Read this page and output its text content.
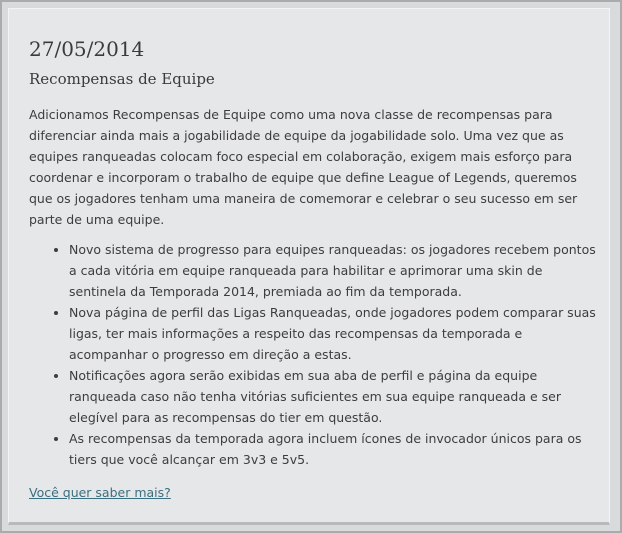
27/05/2014
Recompensas de Equipe

Adicionamos Recompensas de Equipe como uma nova classe de recompensas para diferenciar ainda mais a jogabilidade de equipe da jogabilidade solo. Uma vez que as equipes ranqueadas colocam foco especial em colaboração, exigem mais esforço para coordenar e incorporam o trabalho de equipe que define League of Legends, queremos que os jogadores tenham uma maneira de comemorar e celebrar o seu sucesso em ser parte de uma equipe.

• Novo sistema de progresso para equipes ranqueadas: os jogadores recebem pontos a cada vitória em equipe ranqueada para habilitar e aprimorar uma skin de sentinela da Temporada 2014, premiada ao fim da temporada.
• Nova página de perfil das Ligas Ranqueadas, onde jogadores podem comparar suas ligas, ter mais informações a respeito das recompensas da temporada e acompanhar o progresso em direção a estas.
• Notificações agora serão exibidas em sua aba de perfil e página da equipe ranqueada caso não tenha vitórias suficientes em sua equipe ranqueada e ser elegível para as recompensas do tier em questão.
• As recompensas da temporada agora incluem ícones de invocador únicos para os tiers que você alcançar em 3v3 e 5v5.
Você quer saber mais?
